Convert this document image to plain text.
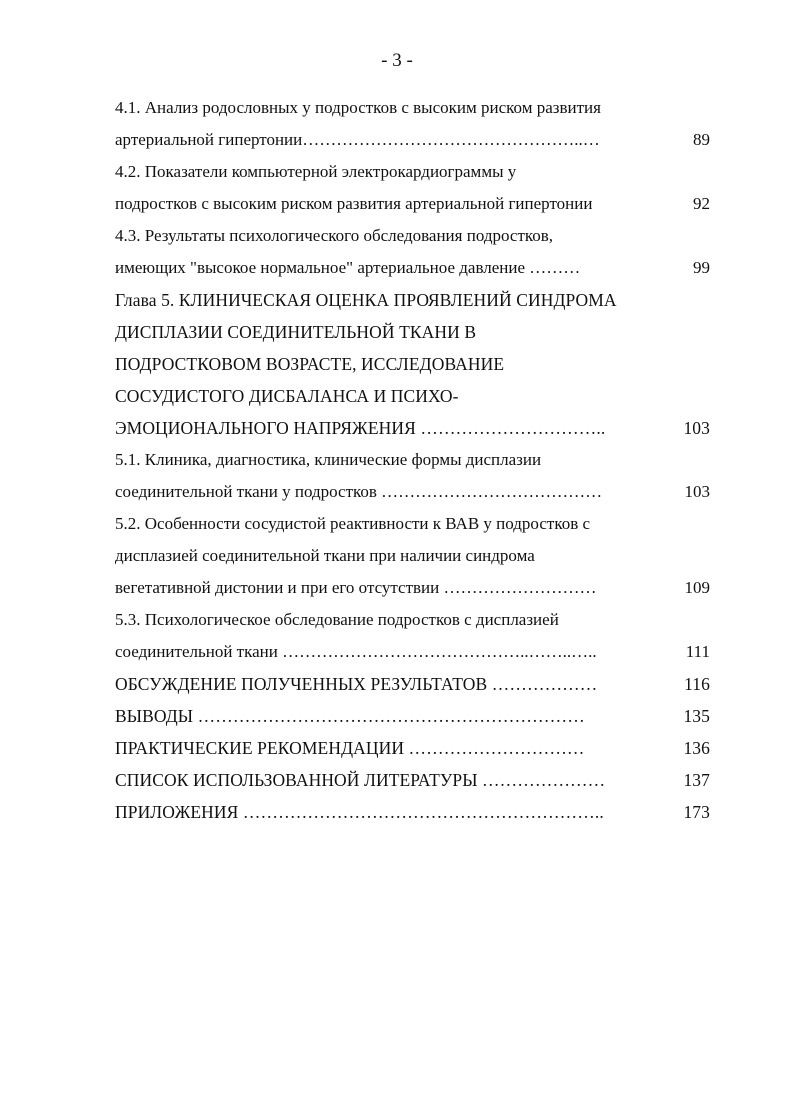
- 3 -
4.1. Анализ родословных у подростков с высоким риском развития
артериальной гипертонии…………………………………………..…	89
4.2. Показатели компьютерной электрокардиограммы у
подростков с высоким риском развития артериальной гипертонии	92
4.3. Результаты психологического обследования подростков,
имеющих "высокое нормальное" артериальное давление ………	99
Глава 5. КЛИНИЧЕСКАЯ ОЦЕНКА ПРОЯВЛЕНИЙ СИНДРОМА
ДИСПЛАЗИИ СОЕДИНИТЕЛЬНОЙ ТКАНИ В
ПОДРОСТКОВОМ ВОЗРАСТЕ, ИССЛЕДОВАНИЕ
СОСУДИСТОГО ДИСБАЛАНСА И ПСИХО-
ЭМОЦИОНАЛЬНОГО НАПРЯЖЕНИЯ …………………………..	103
5.1. Клиника, диагностика, клинические формы дисплазии
соединительной ткани у подростков …………………………………	103
5.2. Особенности сосудистой реактивности к ВАВ у подростков с
дисплазией соединительной ткани при наличии синдрома
вегетативной дистонии и при его отсутствии ………………………	109
5.3. Психологическое обследование подростков с дисплазией
соединительной ткани ……………………………………..……..…..	111
ОБСУЖДЕНИЕ ПОЛУЧЕННЫХ РЕЗУЛЬТАТОВ ………………	116
ВЫВОДЫ …………………………………………………………	135
ПРАКТИЧЕСКИЕ РЕКОМЕНДАЦИИ …………………………	136
СПИСОК ИСПОЛЬЗОВАННОЙ ЛИТЕРАТУРЫ …………………	137
ПРИЛОЖЕНИЯ ……………………………………………………..	173
